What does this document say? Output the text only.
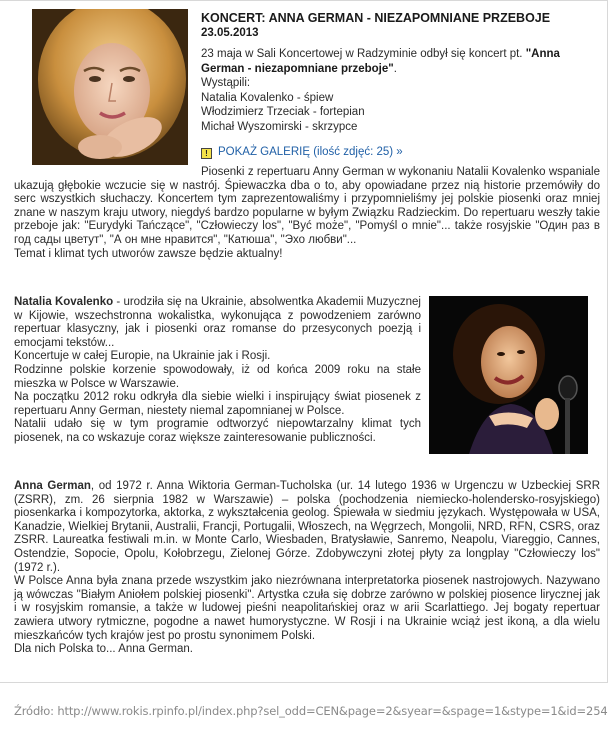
KONCERT: ANNA GERMAN - NIEZAPOMNIANE PRZEBOJE
23.05.2013
23 maja w Sali Koncertowej w Radzyminie odbył się koncert pt. "Anna German - niezapomniane przeboje".
Wystąpili:
Natalia Kovalenko - śpiew
Włodzimierz Trzeciak - fortepian
Michał Wyszomirski - skrzypce
! POKAŻ GALERIĘ (ilość zdjęć: 25) »
Piosenki z repertuaru Anny German w wykonaniu Natalii Kovalenko wspaniale ukazują głębokie wczucie się w nastrój. Śpiewaczka dba o to, aby opowiadane przez nią historie przemówiły do serc wszystkich słuchaczy. Koncertem tym zaprezentowaliśmy i przypomnieliśmy jej polskie piosenki oraz mniej znane w naszym kraju utwory, niegdyś bardzo popularne w byłym Związku Radzieckim. Do repertuaru weszły takie przeboje jak: "Eurydyki Tańczące", "Człowieczy los", "Być może", "Pomyśl o mnie"... także rosyjskie "Один раз в год сады цветут", "А он мне нравится", "Катюша", "Эхо любви"...
Temat i klimat tych utworów zawsze będzie aktualny!
Natalia Kovalenko - urodziła się na Ukrainie, absolwentka Akademii Muzycznej w Kijowie, wszechstronna wokalistka, wykonująca z powodzeniem zarówno repertuar klasyczny, jak i piosenki oraz romanse do przesyconych poezją i emocjami tekstów...
Koncertuje w całej Europie, na Ukrainie jak i Rosji.
Rodzinne polskie korzenie spowodowały, iż od końca 2009 roku na stałe mieszka w Polsce w Warszawie.
Na początku 2012 roku odkryła dla siebie wielki i inspirujący świat piosenek z repertuaru Anny German, niestety niemal zapomnianej w Polsce.
Natalii udało się w tym programie odtworzyć niepowtarzalny klimat tych piosenek, na co wskazuje coraz większe zainteresowanie publiczności.
Anna German, od 1972 r. Anna Wiktoria German-Tucholska (ur. 14 lutego 1936 w Urgenczu w Uzbeckiej SRR (ZSRR), zm. 26 sierpnia 1982 w Warszawie) – polska (pochodzenia niemiecko-holendersko-rosyjskiego) piosenkarka i kompozytorka, aktorka, z wykształcenia geolog. Śpiewała w siedmiu językach. Występowała w USA, Kanadzie, Wielkiej Brytanii, Australii, Francji, Portugalii, Włoszech, na Węgrzech, Mongolii, NRD, RFN, CSRS, oraz ZSRR. Laureatka festiwali m.in. w Monte Carlo, Wiesbaden, Bratysławie, Sanremo, Neapolu, Viareggio, Cannes, Ostendzie, Sopocie, Opolu, Kołobrzegu, Zielonej Górze. Zdobywczyni złotej płyty za longplay "Człowieczy los" (1972 r.).
W Polsce Anna była znana przede wszystkim jako niezrównana interpretatorka piosenek nastrojowych. Nazywano ją wówczas "Białym Aniołem polskiej piosenki". Artystka czuła się dobrze zarówno w polskiej piosence lirycznej jak i w rosyjskim romansie, a także w ludowej pieśni neapolitańskiej oraz w arii Scarlattiego. Jej bogaty repertuar zawiera utwory rytmiczne, pogodne a nawet humorystyczne. W Rosji i na Ukrainie wciąż jest ikoną, a dla wielu mieszkańców tych krajów jest po prostu synonimem Polski.
Dla nich Polska to... Anna German.
Źródło: http://www.rokis.rpinfo.pl/index.php?sel_odd=CEN&page=2&syear=&spage=1&stype=1&id=254
